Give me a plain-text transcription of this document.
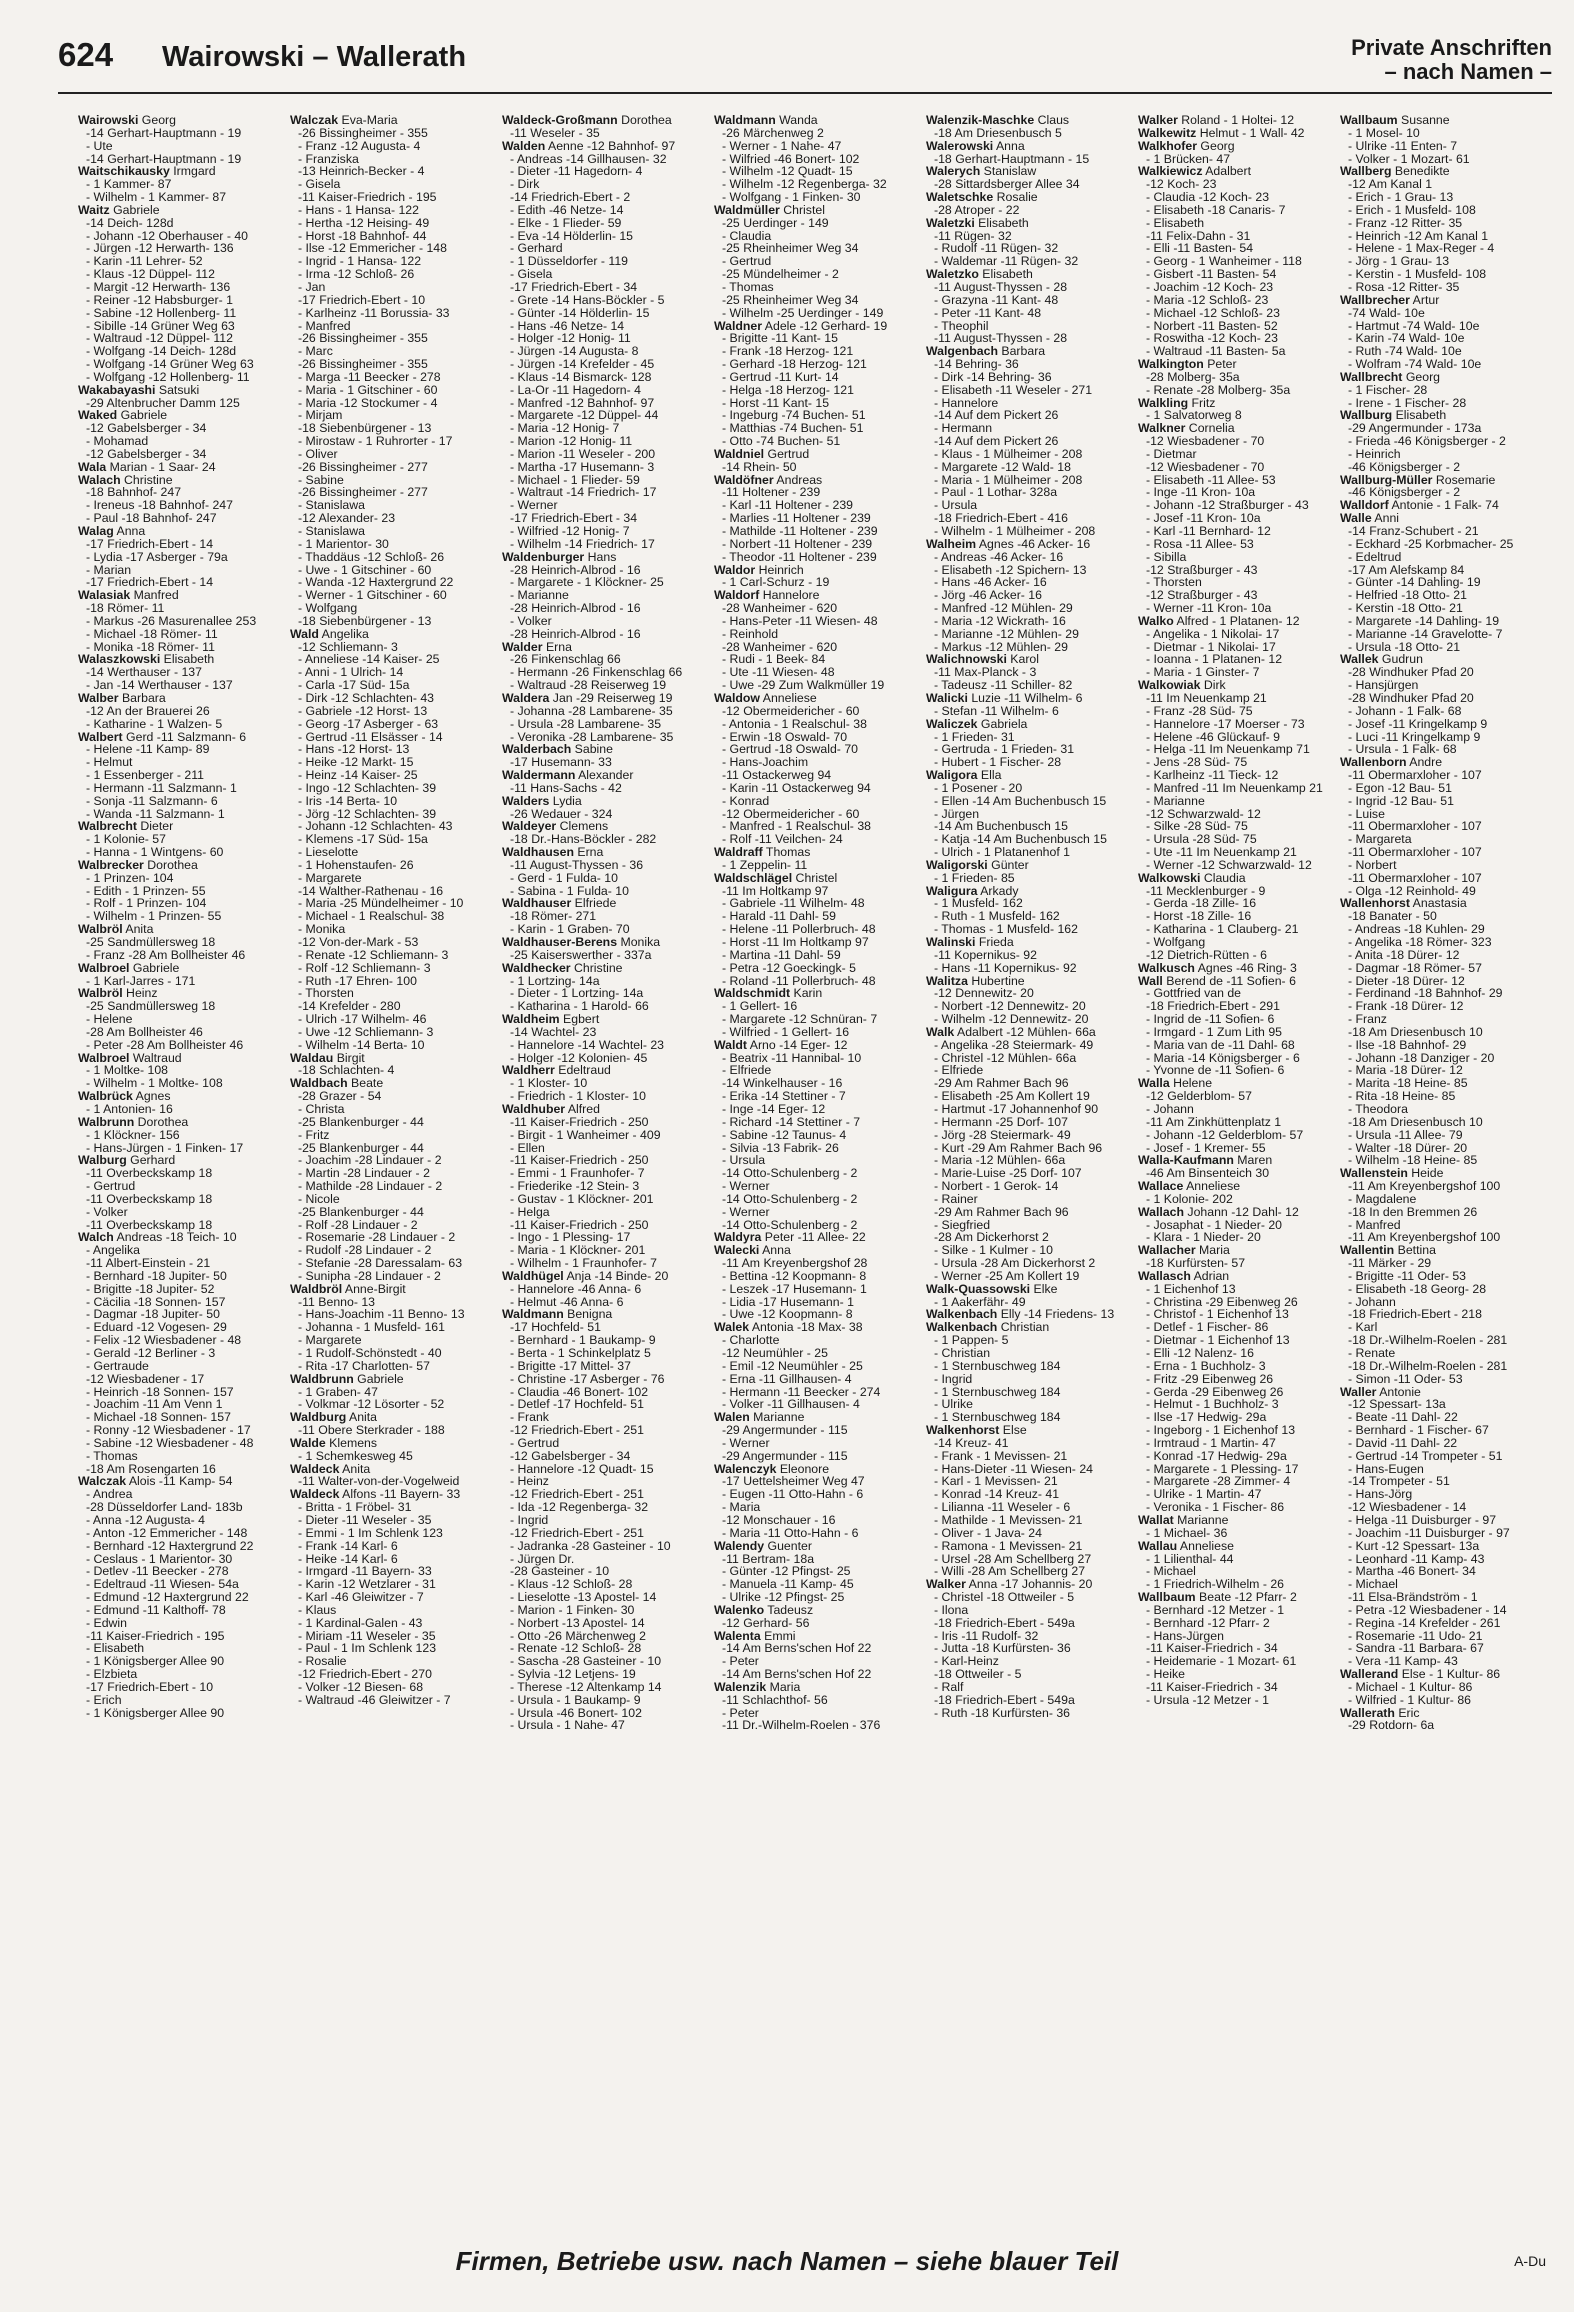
624 Wairowski – Wallerath	Private Anschriften
– nach Namen –
Wairowski Georg
-14 Gerhart-Hauptmann - 19
- Ute
-14 Gerhart-Hauptmann - 19
Waitschikausky Irmgard
- 1 Kammer- 87
- Wilhelm - 1 Kammer- 87
Waitz Gabriele
-14 Deich- 128d
- Johann -12 Oberhauser - 40
- Jürgen -12 Herwarth- 136
- Karin -11 Lehrer- 52
- Klaus -12 Düppel- 112
- Margit -12 Herwarth- 136
- Reiner -12 Habsburger- 1
- Sabine -12 Hollenberg- 11
- Sibille -14 Grüner Weg 63
- Waltraud -12 Düppel- 112
- Wolfgang -14 Deich- 128d
- Wolfgang -14 Grüner Weg 63
- Wolfgang -12 Hollenberg- 11
Wakabayashi Satsuki
-29 Altenbrucher Damm 125
Waked Gabriele
-12 Gabelsberger - 34
- Mohamad
-12 Gabelsberger - 34
Wala Marian - 1 Saar- 24
Walach Christine
-18 Bahnhof- 247
- Ireneus -18 Bahnhof- 247
- Paul -18 Bahnhof- 247
Walag Anna
-17 Friedrich-Ebert - 14
- Lydia -17 Asberger - 79a
- Marian
-17 Friedrich-Ebert - 14
Walasiak Manfred
-18 Römer- 11
- Markus -26 Masurenallee 253
- Michael -18 Römer- 11
- Monika -18 Römer- 11
Walaszkowski Elisabeth
-14 Werthauser - 137
- Jan -14 Werthauser - 137
Walber Barbara
-12 An der Brauerei 26
- Katharine - 1 Walzen- 5
Walbert Gerd -11 Salzmann- 6
- Helene -11 Kamp- 89
- Helmut
- 1 Essenberger - 211
- Hermann -11 Salzmann- 1
- Sonja -11 Salzmann- 6
- Wanda -11 Salzmann- 1
Walbrecht Dieter
- 1 Kolonie- 57
- Hanna - 1 Wintgens- 60
Walbrecker Dorothea
- 1 Prinzen- 104
- Edith - 1 Prinzen- 55
- Rolf - 1 Prinzen- 104
- Wilhelm - 1 Prinzen- 55
Walbröl Anita
-25 Sandmüllersweg 18
- Franz -28 Am Bollheister 46
Walbroel Gabriele
- 1 Karl-Jarres - 171
Walbröl Heinz
-25 Sandmüllersweg 18
- Helene
-28 Am Bollheister 46
- Peter -28 Am Bollheister 46
Walbroel Waltraud
- 1 Moltke- 108
- Wilhelm - 1 Moltke- 108
Walbrück Agnes
- 1 Antonien- 16
Walbrunn Dorothea
- 1 Klöckner- 156
- Hans-Jürgen - 1 Finken- 17
Walburg Gerhard
-11 Overbeckskamp 18
- Gertrud
-11 Overbeckskamp 18
- Volker
-11 Overbeckskamp 18
Walch Andreas -18 Teich- 10
- Angelika
-11 Albert-Einstein - 21
- Bernhard -18 Jupiter- 50
- Brigitte -18 Jupiter- 52
- Cäcilia -18 Sonnen- 157
- Dagmar -18 Jupiter- 50
- Eduard -12 Vogesen- 29
- Felix -12 Wiesbadener - 48
- Gerald -12 Berliner - 3
- Gertraude
-12 Wiesbadener - 17
- Heinrich -18 Sonnen- 157
- Joachim -11 Am Venn 1
- Michael -18 Sonnen- 157
- Ronny -12 Wiesbadener - 17
- Sabine -12 Wiesbadener - 48
- Thomas
-18 Am Rosengarten 16
Walczak Alois -11 Kamp- 54
- Andrea
-28 Düsseldorfer Land- 183b
- Anna -12 Augusta- 4
- Anton -12 Emmericher - 148
- Bernhard -12 Haxtergrund 22
- Ceslaus - 1 Marientor- 30
- Detlev -11 Beecker - 278
- Edeltraud -11 Wiesen- 54a
- Edmund -12 Haxtergrund 22
- Edmund -11 Kalthoff- 78
- Edwin
-11 Kaiser-Friedrich - 195
- Elisabeth
- 1 Königsberger Allee 90
- Elzbieta
-17 Friedrich-Ebert - 10
- Erich
- 1 Königsberger Allee 90
Walczak Eva-Maria
-26 Bissingheimer - 355
- Franz -12 Augusta- 4
- Franziska
-13 Heinrich-Becker - 4
- Gisela
-11 Kaiser-Friedrich - 195
- Hans - 1 Hansa- 122
- Hertha -12 Heising- 49
- Horst -18 Bahnhof- 44
- Ilse -12 Emmericher - 148
- Ingrid - 1 Hansa- 122
- Irma -12 Schloß- 26
- Jan
-17 Friedrich-Ebert - 10
- Karlheinz -11 Borussia- 33
- Manfred
-26 Bissingheimer - 355
- Marc
-26 Bissingheimer - 355
- Marga -11 Beecker - 278
- Maria - 1 Gitschiner - 60
- Maria -12 Stockumer - 4
- Mirjam
-18 Siebenbürgener - 13
- Mirostaw - 1 Ruhrorter - 17
- Oliver
-26 Bissingheimer - 277
- Sabine
-26 Bissingheimer - 277
- Stanislawa
-12 Alexander- 23
- Stanislawa
- 1 Marientor- 30
- Thaddäus -12 Schloß- 26
- Uwe - 1 Gitschiner - 60
- Wanda -12 Haxtergrund 22
- Werner - 1 Gitschiner - 60
- Wolfgang
-18 Siebenbürgener - 13
Wald Angelika
-12 Schliemann- 3
- Anneliese -14 Kaiser- 25
- Anni - 1 Ulrich- 14
- Carla -17 Süd- 15a
- Dirk -12 Schlachten- 43
- Gabriele -12 Horst- 13
- Georg -17 Asberger - 63
- Gertrud -11 Elsässer - 14
- Hans -12 Horst- 13
- Heike -12 Markt- 15
- Heinz -14 Kaiser- 25
- Ingo -12 Schlachten- 39
- Iris -14 Berta- 10
- Jörg -12 Schlachten- 39
- Johann -12 Schlachten- 43
- Klemens -17 Süd- 15a
- Lieselotte
- 1 Hohenstaufen- 26
- Margarete
-14 Walther-Rathenau - 16
- Maria -25 Mündelheimer - 10
- Michael - 1 Realschul- 38
- Monika
-12 Von-der-Mark - 53
- Renate -12 Schliemann- 3
- Rolf -12 Schliemann- 3
- Ruth -17 Ehren- 100
- Thorsten
-14 Krefelder - 280
- Ulrich -17 Wilhelm- 46
- Uwe -12 Schliemann- 3
- Wilhelm -14 Berta- 10
Waldau Birgit
-18 Schlachten- 4
Waldbach Beate
-28 Grazer - 54
- Christa
-25 Blankenburger - 44
- Fritz
-25 Blankenburger - 44
- Joachim -28 Lindauer - 2
- Martin -28 Lindauer - 2
- Mathilde -28 Lindauer - 2
- Nicole
-25 Blankenburger - 44
- Rolf -28 Lindauer - 2
- Rosemarie -28 Lindauer - 2
- Rudolf -28 Lindauer - 2
- Stefanie -28 Daressalam- 63
- Sunipha -28 Lindauer - 2
Waldbröl Anne-Birgit
-11 Benno- 13
- Hans-Joachim -11 Benno- 13
- Johanna - 1 Musfeld- 161
- Margarete
- 1 Rudolf-Schönstedt - 40
- Rita -17 Charlotten- 57
Waldbrunn Gabriele
- 1 Graben- 47
- Volkmar -12 Lösorter - 52
Waldburg Anita
-11 Obere Sterkrader - 188
Walde Klemens
- 1 Schemkesweg 45
Waldeck Anita
-11 Walter-von-der-Vogelweid
Waldeck Alfons -11 Bayern- 33
- Britta - 1 Fröbel- 31
- Dieter -11 Weseler - 35
- Emmi - 1 Im Schlenk 123
- Frank -14 Karl- 6
- Heike -14 Karl- 6
- Irmgard -11 Bayern- 33
- Karin -12 Wetzlarer - 31
- Karl -46 Gleiwitzer - 7
- Klaus
- 1 Kardinal-Galen - 43
- Miriam -11 Weseler - 35
- Paul - 1 Im Schlenk 123
- Rosalie
-12 Friedrich-Ebert - 270
- Volker -12 Biesen- 68
- Waltraud -46 Gleiwitzer - 7
Waldeck-Großmann Dorothea
-11 Weseler - 35
Walden Aenne -12 Bahnhof- 97
- Andreas -14 Gillhausen- 32
- Dieter -11 Hagedorn- 4
- Dirk
-14 Friedrich-Ebert - 2
- Edith -46 Netze- 14
- Elke - 1 Flieder- 59
- Eva -14 Hölderlin- 15
- Gerhard
- 1 Düsseldorfer - 119
- Gisela
-17 Friedrich-Ebert - 34
- Grete -14 Hans-Böckler - 5
- Günter -14 Hölderlin- 15
- Hans -46 Netze- 14
- Holger -12 Honig- 11
- Jürgen -14 Augusta- 8
- Jürgen -14 Krefelder - 45
- Klaus -14 Bismarck- 128
- La-Or -11 Hagedorn- 4
- Manfred -12 Bahnhof- 97
- Margarete -12 Düppel- 44
- Maria -12 Honig- 7
- Marion -12 Honig- 11
- Marion -11 Weseler - 200
- Martha -17 Husemann- 3
- Michael - 1 Flieder- 59
- Waltraut -14 Friedrich- 17
- Werner
-17 Friedrich-Ebert - 34
- Wilfried -12 Honig- 7
- Wilhelm -14 Friedrich- 17
Waldenburger Hans
-28 Heinrich-Albrod - 16
- Margarete - 1 Klöckner- 25
- Marianne
-28 Heinrich-Albrod - 16
- Volker
-28 Heinrich-Albrod - 16
Walder Erna
-26 Finkenschlag 66
- Hermann -26 Finkenschlag 66
- Waltraud -28 Reiserweg 19
Waldera Jan -29 Reiserweg 19
- Johanna -28 Lambarene- 35
- Ursula -28 Lambarene- 35
- Veronika -28 Lambarene- 35
Walderbach Sabine
-17 Husemann- 33
Waldermann Alexander
-11 Hans-Sachs - 42
Walders Lydia
-26 Wedauer - 324
Waldeyer Clemens
-18 Dr.-Hans-Böckler - 282
Waldhausen Erna
-11 August-Thyssen - 36
- Gerd - 1 Fulda- 10
- Sabina - 1 Fulda- 10
Waldhauser Elfriede
-18 Römer- 271
- Karin - 1 Graben- 70
Waldhauser-Berens Monika
-25 Kaiserswerther - 337a
Waldhecker Christine
- 1 Lortzing- 14a
- Dieter - 1 Lortzing- 14a
- Katharina - 1 Harold- 66
Waldheim Egbert
-14 Wachtel- 23
- Hannelore -14 Wachtel- 23
- Holger -12 Kolonien- 45
Waldherr Edeltraud
- 1 Kloster- 10
- Friedrich - 1 Kloster- 10
Waldhuber Alfred
-11 Kaiser-Friedrich - 250
- Birgit - 1 Wanheimer - 409
- Ellen
-11 Kaiser-Friedrich - 250
- Emmi - 1 Fraunhofer- 7
- Friederike -12 Stein- 3
- Gustav - 1 Klöckner- 201
- Helga
-11 Kaiser-Friedrich - 250
- Ingo - 1 Plessing- 17
- Maria - 1 Klöckner- 201
- Wilhelm - 1 Fraunhofer- 7
Waldhügel Anja -14 Binde- 20
- Hannelore -46 Anna- 6
- Helmut -46 Anna- 6
Waldmann Benigna
-17 Hochfeld- 51
- Bernhard - 1 Baukamp- 9
- Berta - 1 Schinkelplatz 5
- Brigitte -17 Mittel- 37
- Christine -17 Asberger - 76
- Claudia -46 Bonert- 102
- Detlef -17 Hochfeld- 51
- Frank
-12 Friedrich-Ebert - 251
- Gertrud
-12 Gabelsberger - 34
- Hannelore -12 Quadt- 15
- Heinz
-12 Friedrich-Ebert - 251
- Ida -12 Regenberga- 32
- Ingrid
-12 Friedrich-Ebert - 251
- Jadranka -28 Gasteiner - 10
- Jürgen Dr.
-28 Gasteiner - 10
- Klaus -12 Schloß- 28
- Lieselotte -13 Apostel- 14
- Marion - 1 Finken- 30
- Norbert -13 Apostel- 14
- Otto -26 Märchenweg 2
- Renate -12 Schloß- 28
- Sascha -28 Gasteiner - 10
- Sylvia -12 Letjens- 19
- Therese -12 Altenkamp 14
- Ursula - 1 Baukamp- 9
- Ursula -46 Bonert- 102
- Ursula - 1 Nahe- 47
Waldmann Wanda
-26 Märchenweg 2
- Werner - 1 Nahe- 47
- Wilfried -46 Bonert- 102
- Wilhelm -12 Quadt- 15
- Wilhelm -12 Regenberga- 32
- Wolfgang - 1 Finken- 30
Waldmüller Christel
-25 Uerdinger - 149
- Claudia
-25 Rheinheimer Weg 34
- Gertrud
-25 Mündelheimer - 2
- Thomas
-25 Rheinheimer Weg 34
- Wilhelm -25 Uerdinger - 149
Waldner Adele -12 Gerhard- 19
- Brigitte -11 Kant- 15
- Frank -18 Herzog- 121
- Gerhard -18 Herzog- 121
- Gertrud -11 Kurt- 14
- Helga -18 Herzog- 121
- Horst -11 Kant- 15
- Ingeburg -74 Buchen- 51
- Matthias -74 Buchen- 51
- Otto -74 Buchen- 51
Waldniel Gertrud
-14 Rhein- 50
Waldöfner Andreas
-11 Holtener - 239
- Karl -11 Holtener - 239
- Marlies -11 Holtener - 239
- Mathilde -11 Holtener - 239
- Norbert -11 Holtener - 239
- Theodor -11 Holtener - 239
Waldor Heinrich
- 1 Carl-Schurz - 19
Waldorf Hannelore
-28 Wanheimer - 620
- Hans-Peter -11 Wiesen- 48
- Reinhold
-28 Wanheimer - 620
- Rudi - 1 Beek- 84
- Ute -11 Wiesen- 48
- Uwe -29 Zum Walkmüller 19
Waldow Anneliese
-12 Obermeidericher - 60
- Antonia - 1 Realschul- 38
- Erwin -18 Oswald- 70
- Gertrud -18 Oswald- 70
- Hans-Joachim
-11 Ostackerweg 94
- Karin -11 Ostackerweg 94
- Konrad
-12 Obermeidericher - 60
- Manfred - 1 Realschul- 38
- Rolf -11 Veilchen- 24
Waldraff Thomas
- 1 Zeppelin- 11
Waldschlägel Christel
-11 Im Holtkamp 97
- Gabriele -11 Wilhelm- 48
- Harald -11 Dahl- 59
- Helene -11 Pollerbruch- 48
- Horst -11 Im Holtkamp 97
- Martina -11 Dahl- 59
- Petra -12 Goeckingk- 5
- Roland -11 Pollerbruch- 48
Waldschmidt Karin
- 1 Gellert- 16
- Margarete -12 Schnüran- 7
- Wilfried - 1 Gellert- 16
Waldt Arno -14 Eger- 12
- Beatrix -11 Hannibal- 10
- Elfriede
-14 Winkelhauser - 16
- Erika -14 Stettiner - 7
- Inge -14 Eger- 12
- Richard -14 Stettiner - 7
- Sabine -12 Taunus- 4
- Silvia -13 Fabrik- 26
- Ursula
-14 Otto-Schulenberg - 2
- Werner
-14 Otto-Schulenberg - 2
- Werner
-14 Otto-Schulenberg - 2
Waldyra Peter -11 Allee- 22
Walecki Anna
-11 Am Kreyenbergshof 28
- Bettina -12 Koopmann- 8
- Leszek -17 Husemann- 1
- Lidia -17 Husemann- 1
- Uwe -12 Koopmann- 8
Walek Antonia -18 Max- 38
- Charlotte
-12 Neumühler - 25
- Emil -12 Neumühler - 25
- Erna -11 Gillhausen- 4
- Hermann -11 Beecker - 274
- Volker -11 Gillhausen- 4
Walen Marianne
-29 Angermunder - 115
- Werner
-29 Angermunder - 115
Walenczyk Eleonore
-17 Uettelsheimer Weg 47
- Eugen -11 Otto-Hahn - 6
- Maria
-12 Monschauer - 16
- Maria -11 Otto-Hahn - 6
Walendy Guenter
-11 Bertram- 18a
- Günter -12 Pfingst- 25
- Manuela -11 Kamp- 45
- Ulrike -12 Pfingst- 25
Walenko Tadeusz
-12 Gerhard- 56
Walenta Emmi
-14 Am Berns'schen Hof 22
- Peter
-14 Am Berns'schen Hof 22
Walenzik Maria
-11 Schlachthof- 56
- Peter
-11 Dr.-Wilhelm-Roelen - 376
Walenzik-Maschke Claus
-18 Am Driesenbusch 5
Walerowski Anna
-18 Gerhart-Hauptmann - 15
Walerych Stanislaw
-28 Sittardsberger Allee 34
Waletschke Rosalie
-28 Atroper - 22
Waletzki Elisabeth
-11 Rügen- 32
- Rudolf -11 Rügen- 32
- Waldemar -11 Rügen- 32
Waletzko Elisabeth
-11 August-Thyssen - 28
- Grazyna -11 Kant- 48
- Peter -11 Kant- 48
- Theophil
-11 August-Thyssen - 28
Walgenbach Barbara
-14 Behring- 36
- Dirk -14 Behring- 36
- Elisabeth -11 Weseler - 271
- Hannelore
-14 Auf dem Pickert 26
- Hermann
-14 Auf dem Pickert 26
- Klaus - 1 Mülheimer - 208
- Margarete -12 Wald- 18
- Maria - 1 Mülheimer - 208
- Paul - 1 Lothar- 328a
- Ursula
-18 Friedrich-Ebert - 416
- Wilhelm - 1 Mülheimer - 208
Walheim Agnes -46 Acker- 16
- Andreas -46 Acker- 16
- Elisabeth -12 Spichern- 13
- Hans -46 Acker- 16
- Jörg -46 Acker- 16
- Manfred -12 Mühlen- 29
- Maria -12 Wickrath- 16
- Marianne -12 Mühlen- 29
- Markus -12 Mühlen- 29
Walichnowski Karol
-11 Max-Planck - 3
- Tadeusz -11 Schiller- 82
Walicki Luzie -11 Wilhelm- 6
- Stefan -11 Wilhelm- 6
Waliczek Gabriela
- 1 Frieden- 31
- Gertruda - 1 Frieden- 31
- Hubert - 1 Fischer- 28
Waligora Ella
- 1 Posener - 20
- Ellen -14 Am Buchenbusch 15
- Jürgen
-14 Am Buchenbusch 15
- Katja -14 Am Buchenbusch 15
- Ulrich - 1 Platanenhof 1
Waligorski Günter
- 1 Frieden- 85
Waligura Arkady
- 1 Musfeld- 162
- Ruth - 1 Musfeld- 162
- Thomas - 1 Musfeld- 162
Walinski Frieda
-11 Kopernikus- 92
- Hans -11 Kopernikus- 92
Walitza Hubertine
-12 Dennewitz- 20
- Norbert -12 Dennewitz- 20
- Wilhelm -12 Dennewitz- 20
Walk Adalbert -12 Mühlen- 66a
- Angelika -28 Steiermark- 49
- Christel -12 Mühlen- 66a
- Elfriede
-29 Am Rahmer Bach 96
- Elisabeth -25 Am Kollert 19
- Hartmut -17 Johannenhof 90
- Hermann -25 Dorf- 107
- Jörg -28 Steiermark- 49
- Kurt -29 Am Rahmer Bach 96
- Maria -12 Mühlen- 66a
- Marie-Luise -25 Dorf- 107
- Norbert - 1 Gerok- 14
- Rainer
-29 Am Rahmer Bach 96
- Siegfried
-28 Am Dickerhorst 2
- Silke - 1 Kulmer - 10
- Ursula -28 Am Dickerhorst 2
- Werner -25 Am Kollert 19
Walk-Quassowski Elke
- 1 Aakerfähr- 49
Walkenbach Elly -14 Friedens- 13
Walkenbach Christian
- 1 Pappen- 5
- Christian
- 1 Sternbuschweg 184
- Ingrid
- 1 Sternbuschweg 184
- Ulrike
- 1 Sternbuschweg 184
Walkenhorst Else
-14 Kreuz- 41
- Frank - 1 Mevissen- 21
- Hans-Dieter -11 Wiesen- 24
- Karl - 1 Mevissen- 21
- Konrad -14 Kreuz- 41
- Lilianna -11 Weseler - 6
- Mathilde - 1 Mevissen- 21
- Oliver - 1 Java- 24
- Ramona - 1 Mevissen- 21
- Ursel -28 Am Schellberg 27
- Willi -28 Am Schellberg 27
Walker Anna -17 Johannis- 20
- Christel -18 Ottweiler - 5
- Ilona
-18 Friedrich-Ebert - 549a
- Iris -11 Rudolf- 32
- Jutta -18 Kurfürsten- 36
- Karl-Heinz
-18 Ottweiler - 5
- Ralf
-18 Friedrich-Ebert - 549a
- Ruth -18 Kurfürsten- 36
Walker Roland - 1 Holtei- 12
Walkewitz Helmut - 1 Wall- 42
Walkhofer Georg
- 1 Brücken- 47
Walkiewicz Adalbert
-12 Koch- 23
- Claudia -12 Koch- 23
- Elisabeth -18 Canaris- 7
- Elisabeth
-11 Felix-Dahn - 31
- Elli -11 Basten- 54
- Georg - 1 Wanheimer - 118
- Gisbert -11 Basten- 54
- Joachim -12 Koch- 23
- Maria -12 Schloß- 23
- Michael -12 Schloß- 23
- Norbert -11 Basten- 52
- Roswitha -12 Koch- 23
- Waltraud -11 Basten- 5a
Walkington Peter
-28 Molberg- 35a
- Renate -28 Molberg- 35a
Walkling Fritz
- 1 Salvatorweg 8
Walkner Cornelia
-12 Wiesbadener - 70
- Dietmar
-12 Wiesbadener - 70
- Elisabeth -11 Allee- 53
- Inge -11 Kron- 10a
- Johann -12 Straßburger - 43
- Josef -11 Kron- 10a
- Karl -11 Bernhard- 12
- Rosa -11 Allee- 53
- Sibilla
-12 Straßburger - 43
- Thorsten
-12 Straßburger - 43
- Werner -11 Kron- 10a
Walko Alfred - 1 Platanen- 12
- Angelika - 1 Nikolai- 17
- Dietmar - 1 Nikolai- 17
- Ioanna - 1 Platanen- 12
- Maria - 1 Ginster- 7
Walkowiak Dirk
-11 Im Neuenkamp 21
- Franz -28 Süd- 75
- Hannelore -17 Moerser - 73
- Helene -46 Glückauf- 9
- Helga -11 Im Neuenkamp 71
- Jens -28 Süd- 75
- Karlheinz -11 Tieck- 12
- Manfred -11 Im Neuenkamp 21
- Marianne
-12 Schwarzwald- 12
- Silke -28 Süd- 75
- Ursula -28 Süd- 75
- Ute -11 Im Neuenkamp 21
- Werner -12 Schwarzwald- 12
Walkowski Claudia
-11 Mecklenburger - 9
- Gerda -18 Zille- 16
- Horst -18 Zille- 16
- Katharina - 1 Clauberg- 21
- Wolfgang
-12 Dietrich-Rütten - 6
Walkusch Agnes -46 Ring- 3
Wall Berend de -11 Sofien- 6
- Gottfried van de
-18 Friedrich-Ebert - 291
- Ingrid de -11 Sofien- 6
- Irmgard - 1 Zum Lith 95
- Maria van de -11 Dahl- 68
- Maria -14 Königsberger - 6
- Yvonne de -11 Sofien- 6
Walla Helene
-12 Gelderblom- 57
- Johann
-11 Am Zinkhüttenplatz 1
- Johann -12 Gelderblom- 57
- Josef - 1 Kremer- 55
Walla-Kaufmann Maren
-46 Am Binsenteich 30
Wallace Anneliese
- 1 Kolonie- 202
Wallach Johann -12 Dahl- 12
- Josaphat - 1 Nieder- 20
- Klara - 1 Nieder- 20
Wallacher Maria
-18 Kurfürsten- 57
Wallasch Adrian
- 1 Eichenhof 13
- Christina -29 Eibenweg 26
- Christof - 1 Eichenhof 13
- Detlef - 1 Fischer- 86
- Dietmar - 1 Eichenhof 13
- Elli -12 Nalenz- 16
- Erna - 1 Buchholz- 3
- Fritz -29 Eibenweg 26
- Gerda -29 Eibenweg 26
- Helmut - 1 Buchholz- 3
- Ilse -17 Hedwig- 29a
- Ingeborg - 1 Eichenhof 13
- Irmtraud - 1 Martin- 47
- Konrad -17 Hedwig- 29a
- Margarete - 1 Plessing- 17
- Margarete -28 Zimmer- 4
- Ulrike - 1 Martin- 47
- Veronika - 1 Fischer- 86
Wallat Marianne
- 1 Michael- 36
Wallau Anneliese
- 1 Lilienthal- 44
- Michael
- 1 Friedrich-Wilhelm - 26
Wallbaum Beate -12 Pfarr- 2
- Bernhard -12 Metzer - 1
- Bernhard -12 Pfarr- 2
- Hans-Jürgen
-11 Kaiser-Friedrich - 34
- Heidemarie - 1 Mozart- 61
- Heike
-11 Kaiser-Friedrich - 34
- Ursula -12 Metzer - 1
Wallbaum Susanne
- 1 Mosel- 10
- Ulrike -11 Enten- 7
- Volker - 1 Mozart- 61
Wallberg Benedikte
-12 Am Kanal 1
- Erich - 1 Grau- 13
- Erich - 1 Musfeld- 108
- Franz -12 Ritter- 35
- Heinrich -12 Am Kanal 1
- Helene - 1 Max-Reger - 4
- Jörg - 1 Grau- 13
- Kerstin - 1 Musfeld- 108
- Rosa -12 Ritter- 35
Wallbrecher Artur
-74 Wald- 10e
- Hartmut -74 Wald- 10e
- Karin -74 Wald- 10e
- Ruth -74 Wald- 10e
- Wolfram -74 Wald- 10e
Wallbrecht Georg
- 1 Fischer- 28
- Irene - 1 Fischer- 28
Wallburg Elisabeth
-29 Angermunder - 173a
- Frieda -46 Königsberger - 2
- Heinrich
-46 Königsberger - 2
Wallburg-Müller Rosemarie
-46 Königsberger - 2
Walldorf Antonie - 1 Falk- 74
Walle Anni
-14 Franz-Schubert - 21
- Eckhard -25 Korbmacher- 25
- Edeltrud
-17 Am Alefskamp 84
- Günter -14 Dahling- 19
- Helfried -18 Otto- 21
- Kerstin -18 Otto- 21
- Margarete -14 Dahling- 19
- Marianne -14 Gravelotte- 7
- Ursula -18 Otto- 21
Wallek Gudrun
-28 Windhuker Pfad 20
- Hansjürgen
-28 Windhuker Pfad 20
- Johann - 1 Falk- 68
- Josef -11 Kringelkamp 9
- Luci -11 Kringelkamp 9
- Ursula - 1 Falk- 68
Wallenborn Andre
-11 Obermarxloher - 107
- Egon -12 Bau- 51
- Ingrid -12 Bau- 51
- Luise
-11 Obermarxloher - 107
- Margareta
-11 Obermarxloher - 107
- Norbert
-11 Obermarxloher - 107
- Olga -12 Reinhold- 49
Wallenhorst Anastasia
-18 Banater - 50
- Andreas -18 Kuhlen- 29
- Angelika -18 Römer- 323
- Anita -18 Dürer- 12
- Dagmar -18 Römer- 57
- Dieter -18 Dürer- 12
- Ferdinand -18 Bahnhof- 29
- Frank -18 Dürer- 12
- Franz
-18 Am Driesenbusch 10
- Ilse -18 Bahnhof- 29
- Johann -18 Danziger - 20
- Maria -18 Dürer- 12
- Marita -18 Heine- 85
- Rita -18 Heine- 85
- Theodora
-18 Am Driesenbusch 10
- Ursula -11 Allee- 79
- Walter -18 Dürer- 20
- Wilhelm -18 Heine- 85
Wallenstein Heide
-11 Am Kreyenbergshof 100
- Magdalene
-18 In den Bremmen 26
- Manfred
-11 Am Kreyenbergshof 100
Wallentin Bettina
-11 Märker - 29
- Brigitte -11 Oder- 53
- Elisabeth -18 Georg- 28
- Johann
-18 Friedrich-Ebert - 218
- Karl
-18 Dr.-Wilhelm-Roelen - 281
- Renate
-18 Dr.-Wilhelm-Roelen - 281
- Simon -11 Oder- 53
Waller Antonie
-12 Spessart- 13a
- Beate -11 Dahl- 22
- Bernhard - 1 Fischer- 67
- David -11 Dahl- 22
- Gertrud -14 Trompeter - 51
- Hans-Eugen
-14 Trompeter - 51
- Hans-Jörg
-12 Wiesbadener - 14
- Helga -11 Duisburger - 97
- Joachim -11 Duisburger - 97
- Kurt -12 Spessart- 13a
- Leonhard -11 Kamp- 43
- Martha -46 Bonert- 34
- Michael
-11 Elsa-Brändström - 1
- Petra -12 Wiesbadener - 14
- Regina -14 Krefelder - 261
- Rosemarie -11 Udo- 21
- Sandra -11 Barbara- 67
- Vera -11 Kamp- 43
Wallerand Else - 1 Kultur- 86
- Michael - 1 Kultur- 86
- Wilfried - 1 Kultur- 86
Wallerath Eric
-29 Rotdorn- 6a
Firmen, Betriebe usw. nach Namen – siehe blauer Teil	A-Du
